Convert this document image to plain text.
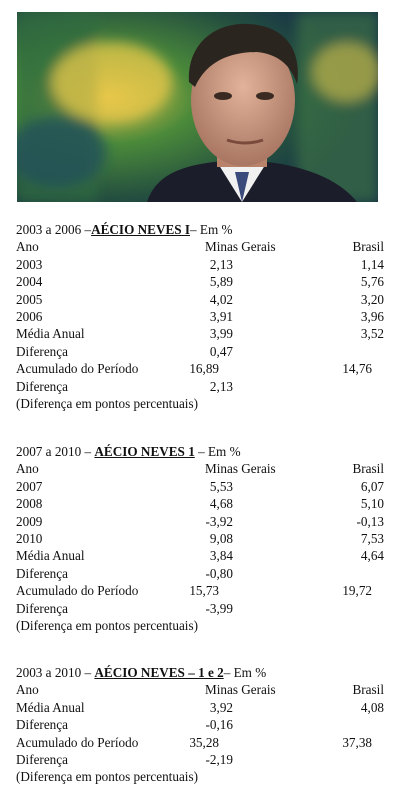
2003 a 2006 –AÉCIO NEVES I– Em %
Ano	Minas Gerais	Brasil
2003	2,13	1,14
2004	5,89	5,76
2005	4,02	3,20
2006	3,91	3,96
Média Anual	3,99	3,52
Diferença	0,47
Acumulado do Período	16,89	14,76
Diferença	2,13
(Diferença em pontos percentuais)
2007 a 2010 – AÉCIO NEVES 1 – Em %
Ano	Minas Gerais	Brasil
2007	5,53	6,07
2008	4,68	5,10
2009	-3,92	-0,13
2010	9,08	7,53
Média Anual	3,84	4,64
Diferença	-0,80
Acumulado do Período	15,73	19,72
Diferença	-3,99
(Diferença em pontos percentuais)
2003 a 2010 – AÉCIO NEVES – 1 e 2– Em %
Ano	Minas Gerais	Brasil
Média Anual	3,92	4,08
Diferença	-0,16
Acumulado do Período	35,28	37,38
Diferença	-2,19
(Diferença em pontos percentuais)
